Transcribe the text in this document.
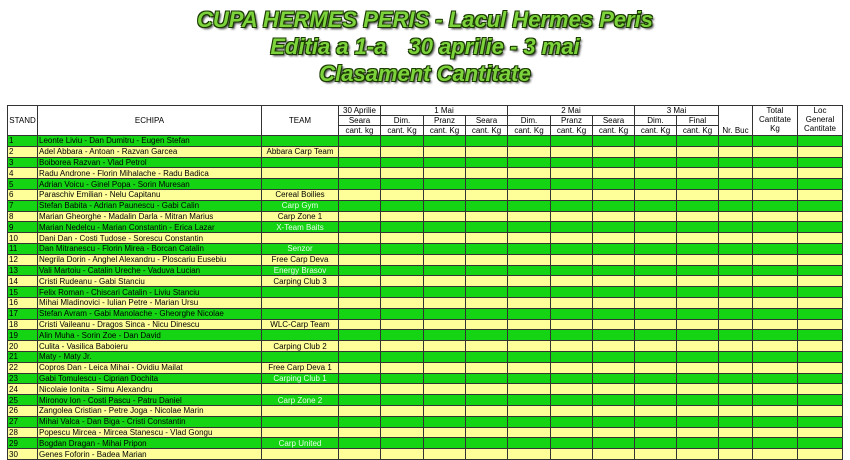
CUPA HERMES PERIS - Lacul Hermes Peris
Editia a 1-a 30 aprilie - 3 mai
Clasament Cantitate
STAND	ECHIPA	TEAM	30 Aprilie	1 Mai			2 Mai			3 Mai		Nr. Buc	Total Cantitate Kg	Loc General Cantitate
			Seara	Dim.	Pranz	Seara	Dim.	Pranz	Seara	Dim.	Final			
			cant. kg	cant. Kg	cant. Kg	cant. Kg	cant. Kg	cant. Kg	cant. Kg	cant. Kg	cant. Kg			
1	Leonte Liviu - Dan Dumitru - Eugen Stefan													
2	Adel Abbara - Antoan - Razvan Garcea	Abbara Carp Team												
3	Boiborea Razvan - Vlad Petrol													
4	Radu Androne - Florin Mihalache - Radu Badica													
5	Adrian Voicu - Ginel Popa - Sorin Muresan													
6	Paraschiv Emilian - Nelu Capitanu	Cereal Boilies												
7	Stefan Babita - Adrian Paunescu - Gabi Calin	Carp Gym												
8	Marian Gheorghe - Madalin Darla - Mitran Marius	Carp Zone 1												
9	Marian Nedelcu - Marian Constantin - Erica Lazar	X-Team Baits												
10	Dani Dan - Costi Tudose - Sorescu Constantin													
11	Dan Mitranescu - Florin Mirea - Borcan Catalin	Senzor												
12	Negrila Dorin - Anghel Alexandru - Ploscariu Eusebiu	Free Carp Deva												
13	Vali Martoiu - Catalin Ureche - Vaduva Lucian	Energy Brasov												
14	Cristi Rudeanu - Gabi Stanciu	Carping Club 3												
15	Felix Roman - Chiscari Catalin - Liviu Stanciu													
16	Mihai Mladinovici - Iulian Petre - Marian Ursu													
17	Stefan Avram - Gabi Manolache - Gheorghe Nicolae													
18	Cristi Vaileanu - Dragos Sinca - Nicu Dinescu	WLC-Carp Team												
19	Alin Muha - Sorin Zoe - Dan David													
20	Culita - Vasilica Baboieru	Carping Club 2												
21	Maty - Maty Jr.													
22	Copros Dan - Leica Mihai - Ovidiu Mailat	Free Carp Deva 1												
23	Gabi Tomulescu - Ciprian Dochita	Carping Club 1												
24	Nicolaie Ionita - Simu Alexandru													
25	Mironov Ion - Costi Pascu - Patru Daniel	Carp Zone 2												
26	Zangolea Cristian - Petre Joga - Nicolae Marin													
27	Mihai Valca - Dan Biga - Cristi Constantin													
28	Popescu Mircea - Mircea Stanescu - Vlad Gongu													
29	Bogdan Dragan - Mihai Pripon	Carp United												
30	Genes Foforin - Badea Marian													
